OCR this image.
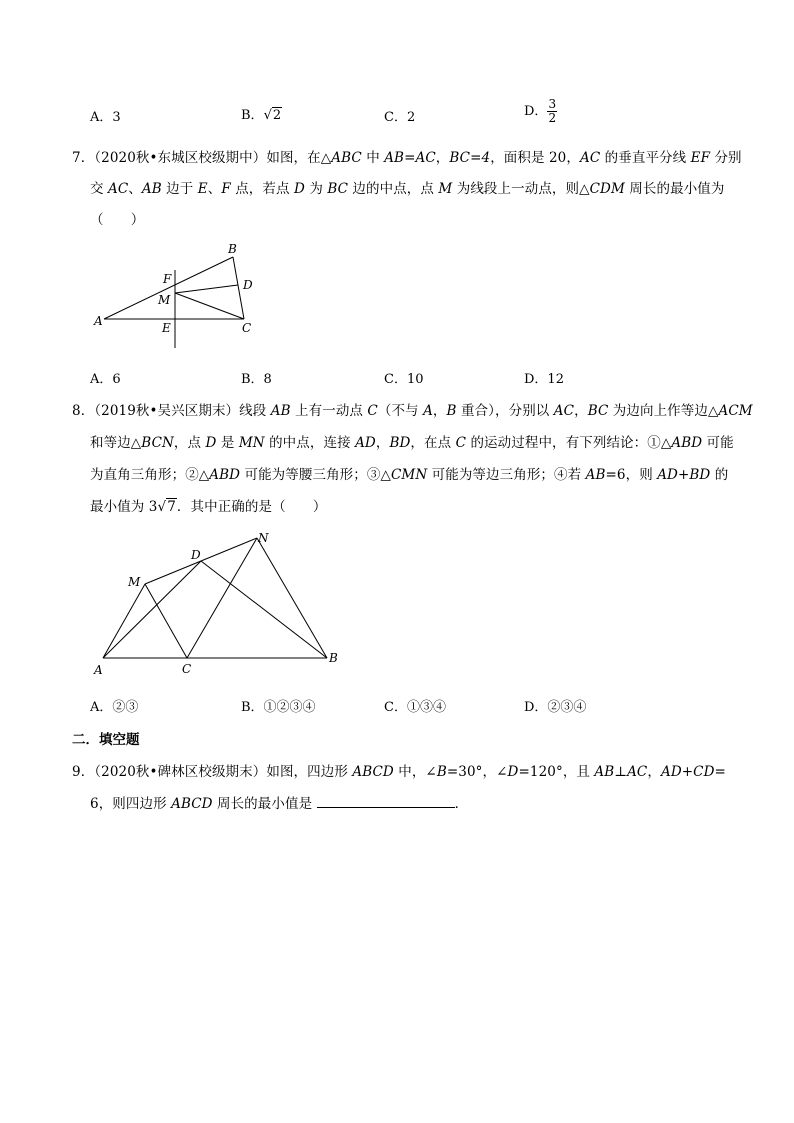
A．3	B．√2	C．2	D． $\frac{3}{2}$
7．（2020秋•东城区校级期中）如图，在△ABC 中 AB=AC，BC=4，面积是 20，AC 的垂直平分线 EF 分别
交 AC、AB 边于 E、F 点，若点 D 为 BC 边的中点，点 M 为线段上一动点，则△CDM 周长的最小值为
（　　）
B
F
M
D
A	E	C
A．6	B．8	C．10	D．12
8．（2019秋•吴兴区期末）线段 AB 上有一动点 C（不与 A，B 重合），分别以 AC，BC 为边向上作等边△ACM
和等边△BCN，点 D 是 MN 的中点，连接 AD，BD，在点 C 的运动过程中，有下列结论：①△ABD 可能
为直角三角形；②△ABD 可能为等腰三角形；③△CMN 可能为等边三角形；④若 AB=6，则 AD+BD 的
最小值为 3√7．其中正确的是（　　）
M
D
N
A	C
B
A．②③	B．①②③④	C．①③④	D．②③④
二．填空题
9．（2020秋•碑林区校级期末）如图，四边形 ABCD 中，∠B=30°，∠D=120°，且 AB⊥AC，AD+CD=
6，则四边形 ABCD 周长的最小值是	．
